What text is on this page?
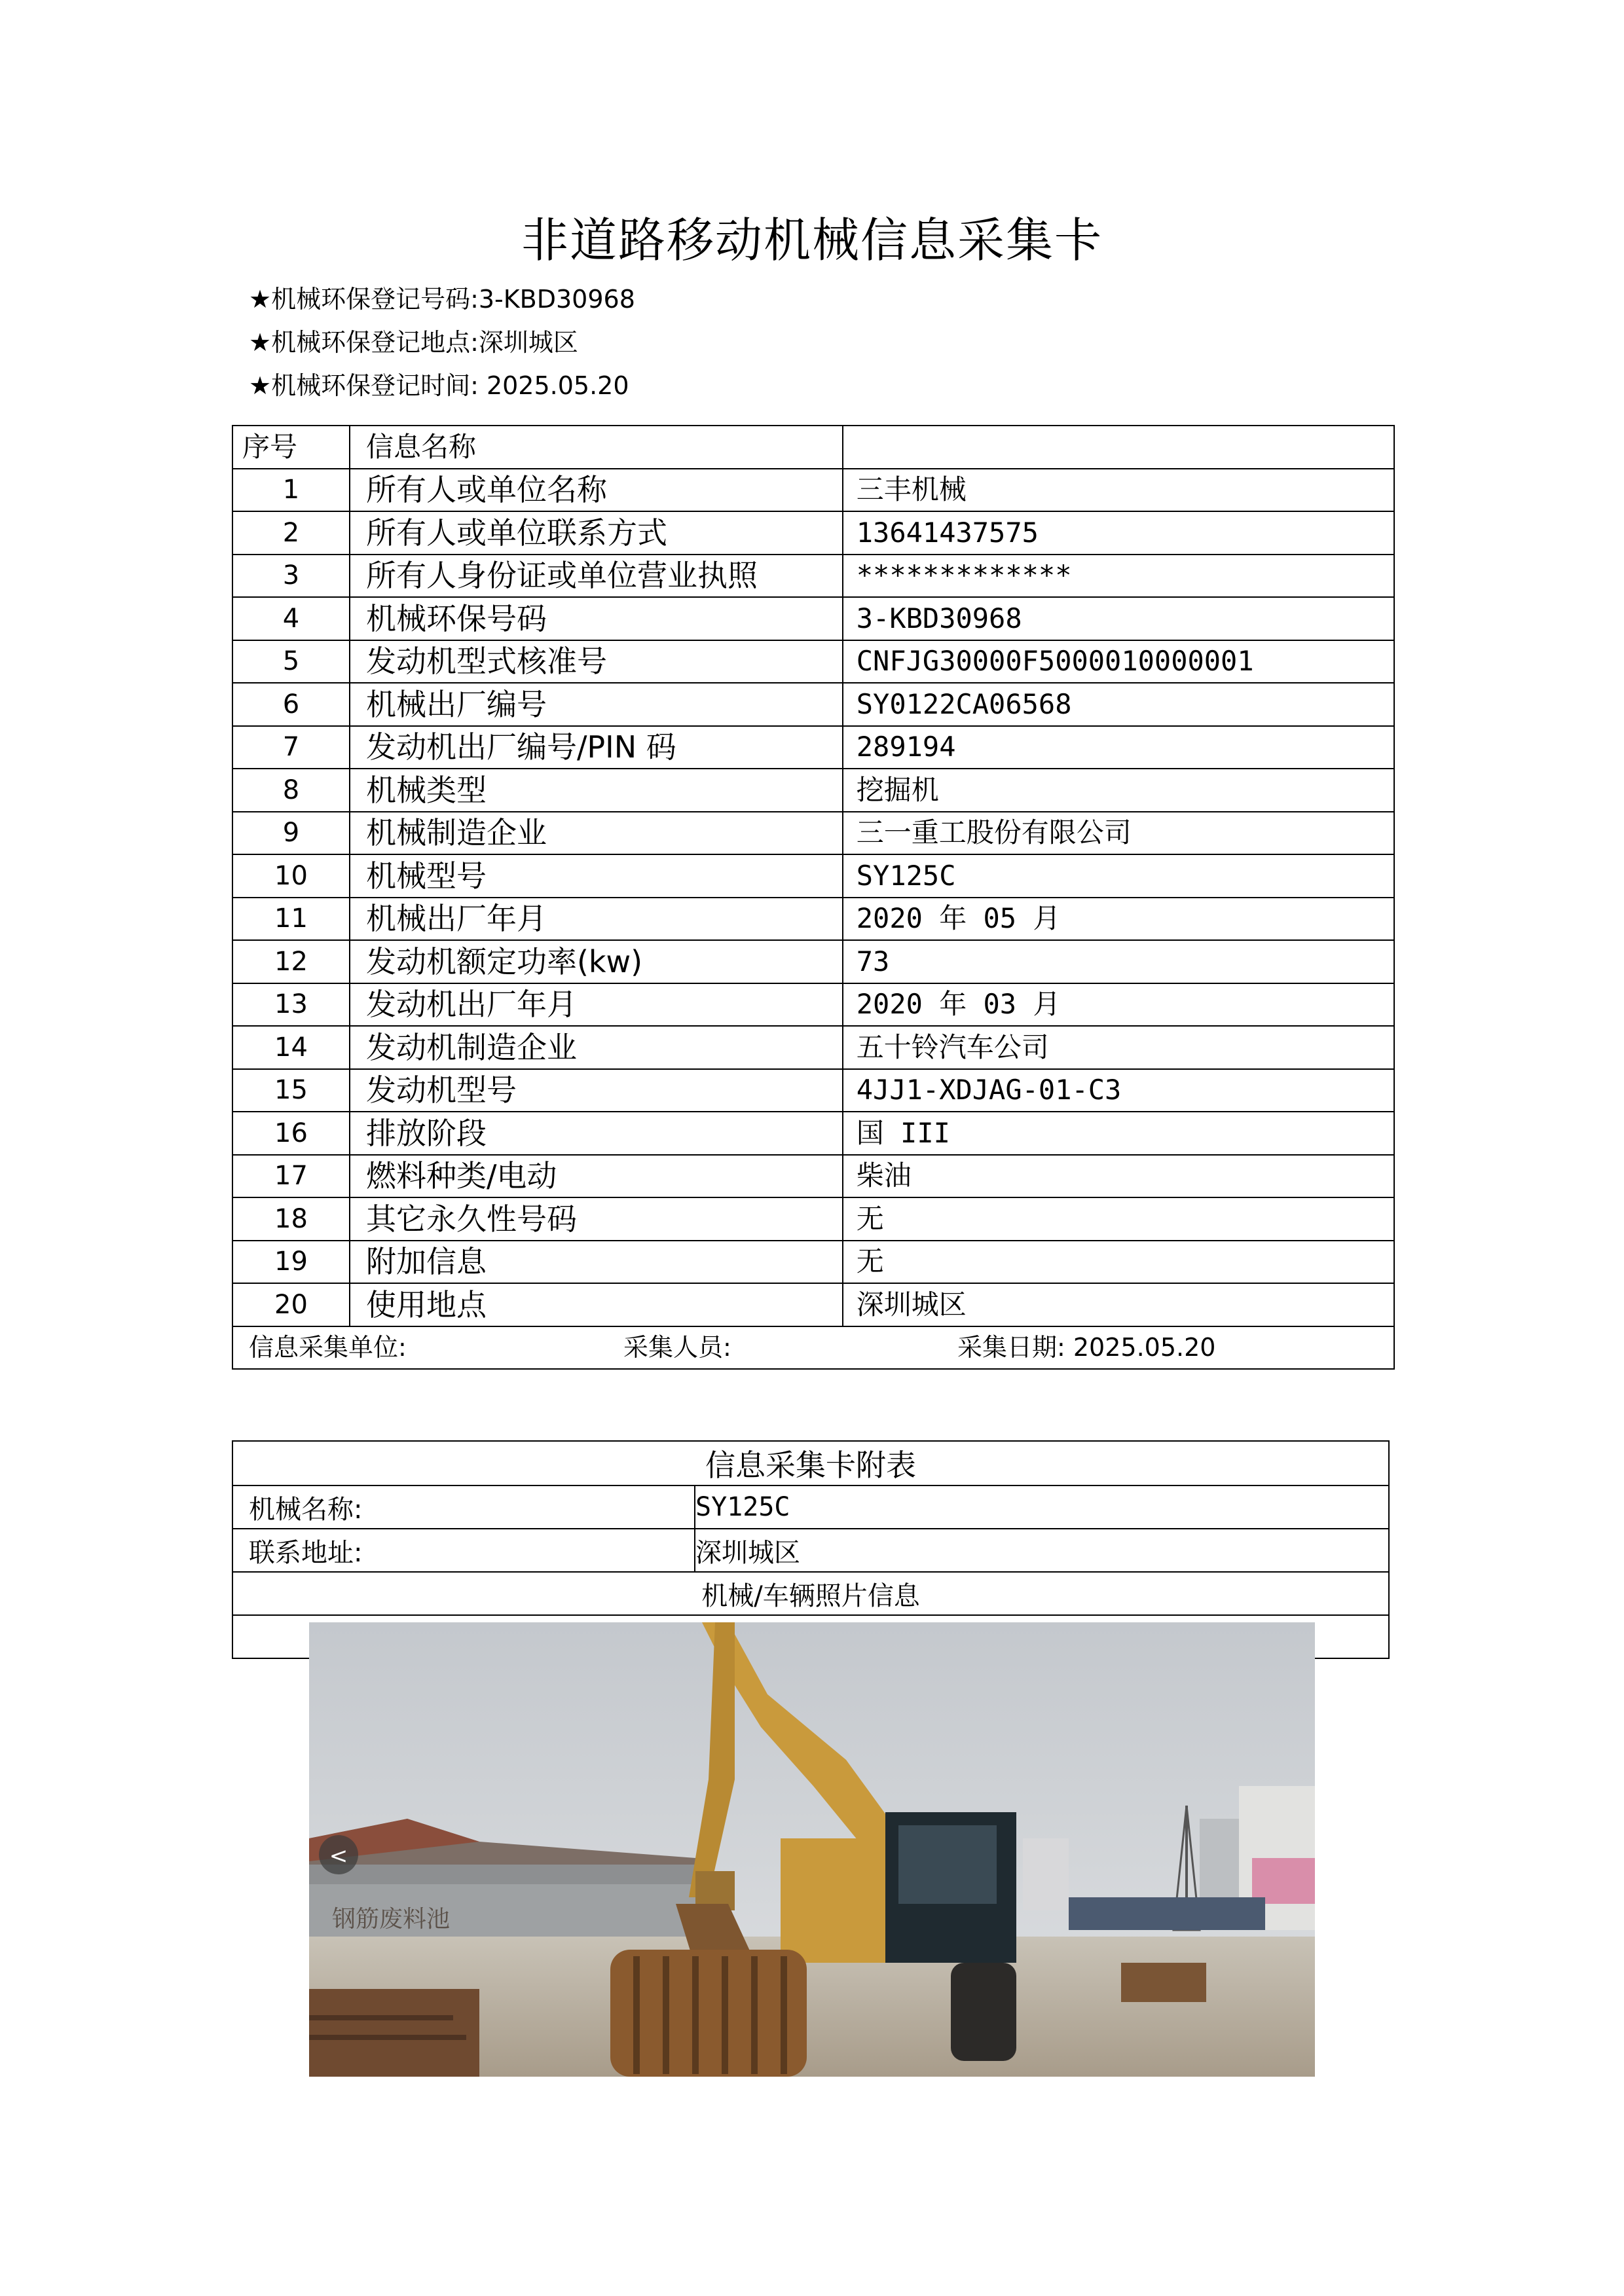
非道路移动机械信息采集卡
★机械环保登记号码:3-KBD30968
★机械环保登记地点:深圳城区
★机械环保登记时间: 2025.05.20
序号	信息名称	
1	所有人或单位名称	三丰机械
2	所有人或单位联系方式	13641437575
3	所有人身份证或单位营业执照	*************
4	机械环保号码	3-KBD30968
5	发动机型式核准号	CNFJG30000F5000010000001
6	机械出厂编号	SY0122CA06568
7	发动机出厂编号/PIN 码	289194
8	机械类型	挖掘机
9	机械制造企业	三一重工股份有限公司
10	机械型号	SY125C
11	机械出厂年月	2020 年 05 月
12	发动机额定功率(kw)	73
13	发动机出厂年月	2020 年 03 月
14	发动机制造企业	五十铃汽车公司
15	发动机型号	4JJ1-XDJAG-01-C3
16	排放阶段	国 III
17	燃料种类/电动	柴油
18	其它永久性号码	无
19	附加信息	无
20	使用地点	深圳城区

信息采集单位: 采集人员: 采集日期: 2025.05.20		
信息采集卡附表	
机械名称:	SY125C
联系地址:	深圳城区
机械/车辆照片信息	

钢筋废料池
<	
